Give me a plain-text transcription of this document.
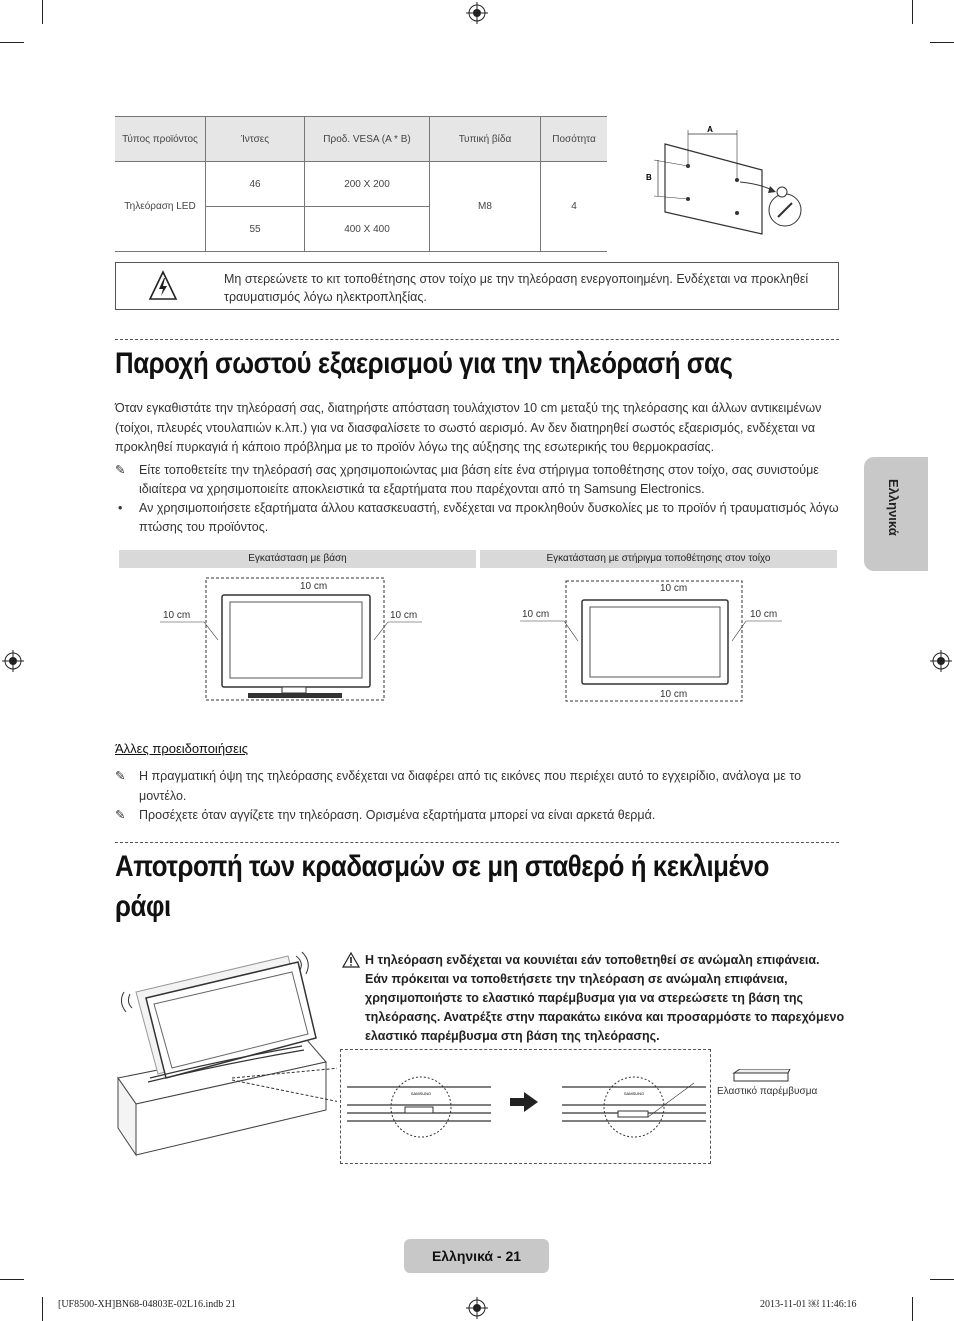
Τύπος προϊόντος	Ίντσες	Προδ. VESA (A * B)	Τυπική βίδα	Ποσότητα
Τηλεόραση LED	46	200 X 200	M8	4
	55	400 X 400		
A
B
Μη στερεώνετε το κιτ τοποθέτησης στον τοίχο με την τηλεόραση ενεργοποιημένη. Ενδέχεται να προκληθεί τραυματισμός λόγω ηλεκτροπληξίας.
Παροχή σωστού εξαερισμού για την τηλεόρασή σας
Όταν εγκαθιστάτε την τηλεόρασή σας, διατηρήστε απόσταση τουλάχιστον 10 cm μεταξύ της τηλεόρασης και άλλων αντικειμένων (τοίχοι, πλευρές ντουλαπιών κ.λπ.) για να διασφαλίσετε το σωστό αερισμό. Αν δεν διατηρηθεί σωστός εξαερισμός, ενδέχεται να προκληθεί πυρκαγιά ή κάποιο πρόβλημα με το προϊόν λόγω της αύξησης της εσωτερικής του θερμοκρασίας.
✎	Είτε τοποθετείτε την τηλεόρασή σας χρησιμοποιώντας μια βάση είτε ένα στήριγμα τοποθέτησης στον τοίχο, σας συνιστούμε ιδιαίτερα να χρησιμοποιείτε αποκλειστικά τα εξαρτήματα που παρέχονται από τη Samsung Electronics.
•	Αν χρησιμοποιήσετε εξαρτήματα άλλου κατασκευαστή, ενδέχεται να προκληθούν δυσκολίες με το προϊόν ή τραυματισμός λόγω πτώσης του προϊόντος.
Εγκατάσταση με βάση	Εγκατάσταση με στήριγμα τοποθέτησης στον τοίχο
10 cm
10 cm	10 cm
10 cm
10 cm	10 cm
10 cm
Άλλες προειδοποιήσεις
✎	Η πραγματική όψη της τηλεόρασης ενδέχεται να διαφέρει από τις εικόνες που περιέχει αυτό το εγχειρίδιο, ανάλογα με το μοντέλο.
✎	Προσέχετε όταν αγγίζετε την τηλεόραση. Ορισμένα εξαρτήματα μπορεί να είναι αρκετά θερμά.
Αποτροπή των κραδασμών σε μη σταθερό ή κεκλιμένο
ράφι
Η τηλεόραση ενδέχεται να κουνιέται εάν τοποθετηθεί σε ανώμαλη επιφάνεια. Εάν πρόκειται να τοποθετήσετε την τηλεόραση σε ανώμαλη επιφάνεια, χρησιμοποιήστε το ελαστικό παρέμβυσμα για να στερεώσετε τη βάση της τηλεόρασης. Ανατρέξτε στην παρακάτω εικόνα και προσαρμόστε το παρεχόμενο ελαστικό παρέμβυσμα στη βάση της τηλεόρασης.
SAMSUNG	SAMSUNG	Ελαστικό παρέμβυσμα
Ελληνικά
Ελληνικά - 21
[UF8500-XH]BN68-04803E-02L16.indb 21	2013-11-01 ￼ 11:46:16
